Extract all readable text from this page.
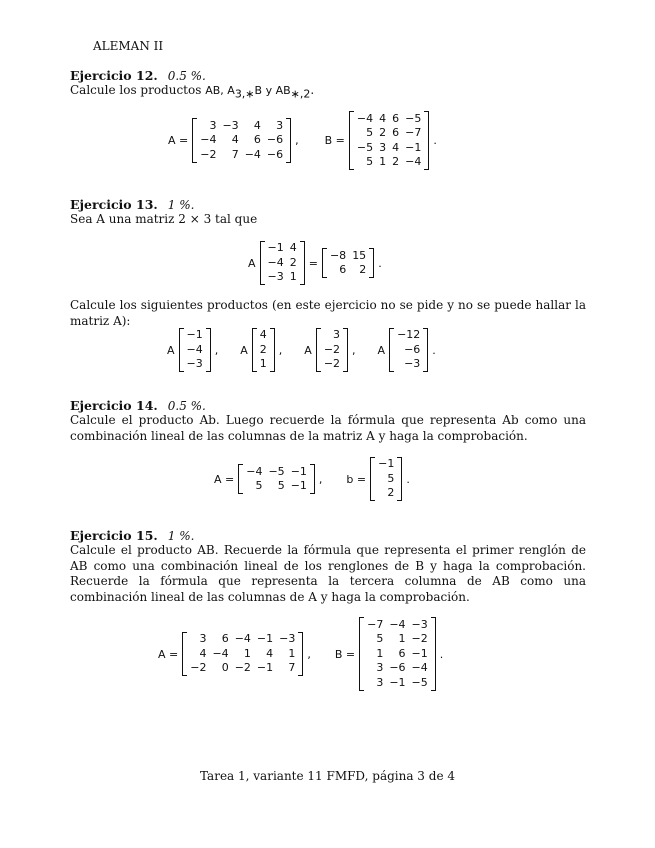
ALEMAN II
Ejercicio 12. 0.5 %.
Calcule los productos AB, $A_{3,∗}B$ y $AB_{∗,2}$.
A =
	3	−3	4	3	
	−4	4	6	−6	
	−2	7	−4	−6	
, B =
	−4	4	6	−5	
	5	2	6	−7	
	−5	3	4	−1	
	5	1	2	−4	
.
Ejercicio 13. 1 %.
Sea A una matriz 2 × 3 tal que
A
	−1	4	
	−4	2	
	−3	1	
=
	−8	15	
	6	2	.
Calcule los siguientes productos (en este ejercicio no se pide y no se puede hallar la matriz A):
A
	−1	
−4
−3
, A
	4	
2
1
, A
	3	
−2
−2
, A
	−12	
−6
−3
.
Ejercicio 14. 0.5 %.
Calcule el producto Ab. Luego recuerde la fórmula que representa Ab como una combinación lineal de las columnas de la matriz A y haga la comprobación.
A =
	−4	−5	−1	
	5	5	−1	, b =
	−1	
5
2
.
Ejercicio 15. 1 %.
Calcule el producto AB. Recuerde la fórmula que representa el primer renglón de AB como una combinación lineal de los renglones de B y haga la comprobación. Recuerde la fórmula que representa la tercera columna de AB como una combinación lineal de las columnas de A y haga la comprobación.
A =
	3	6	−4	−1	−3	
	4	−4	1	4	1	
	−2	0	−2	−1	7	
, B =
	−7	−4	−3	
	5	1	−2	
	1	6	−1	
	3	−6	−4	
	3	−1	−5	
.
Tarea 1, variante 11 FMFD, página 3 de 4
